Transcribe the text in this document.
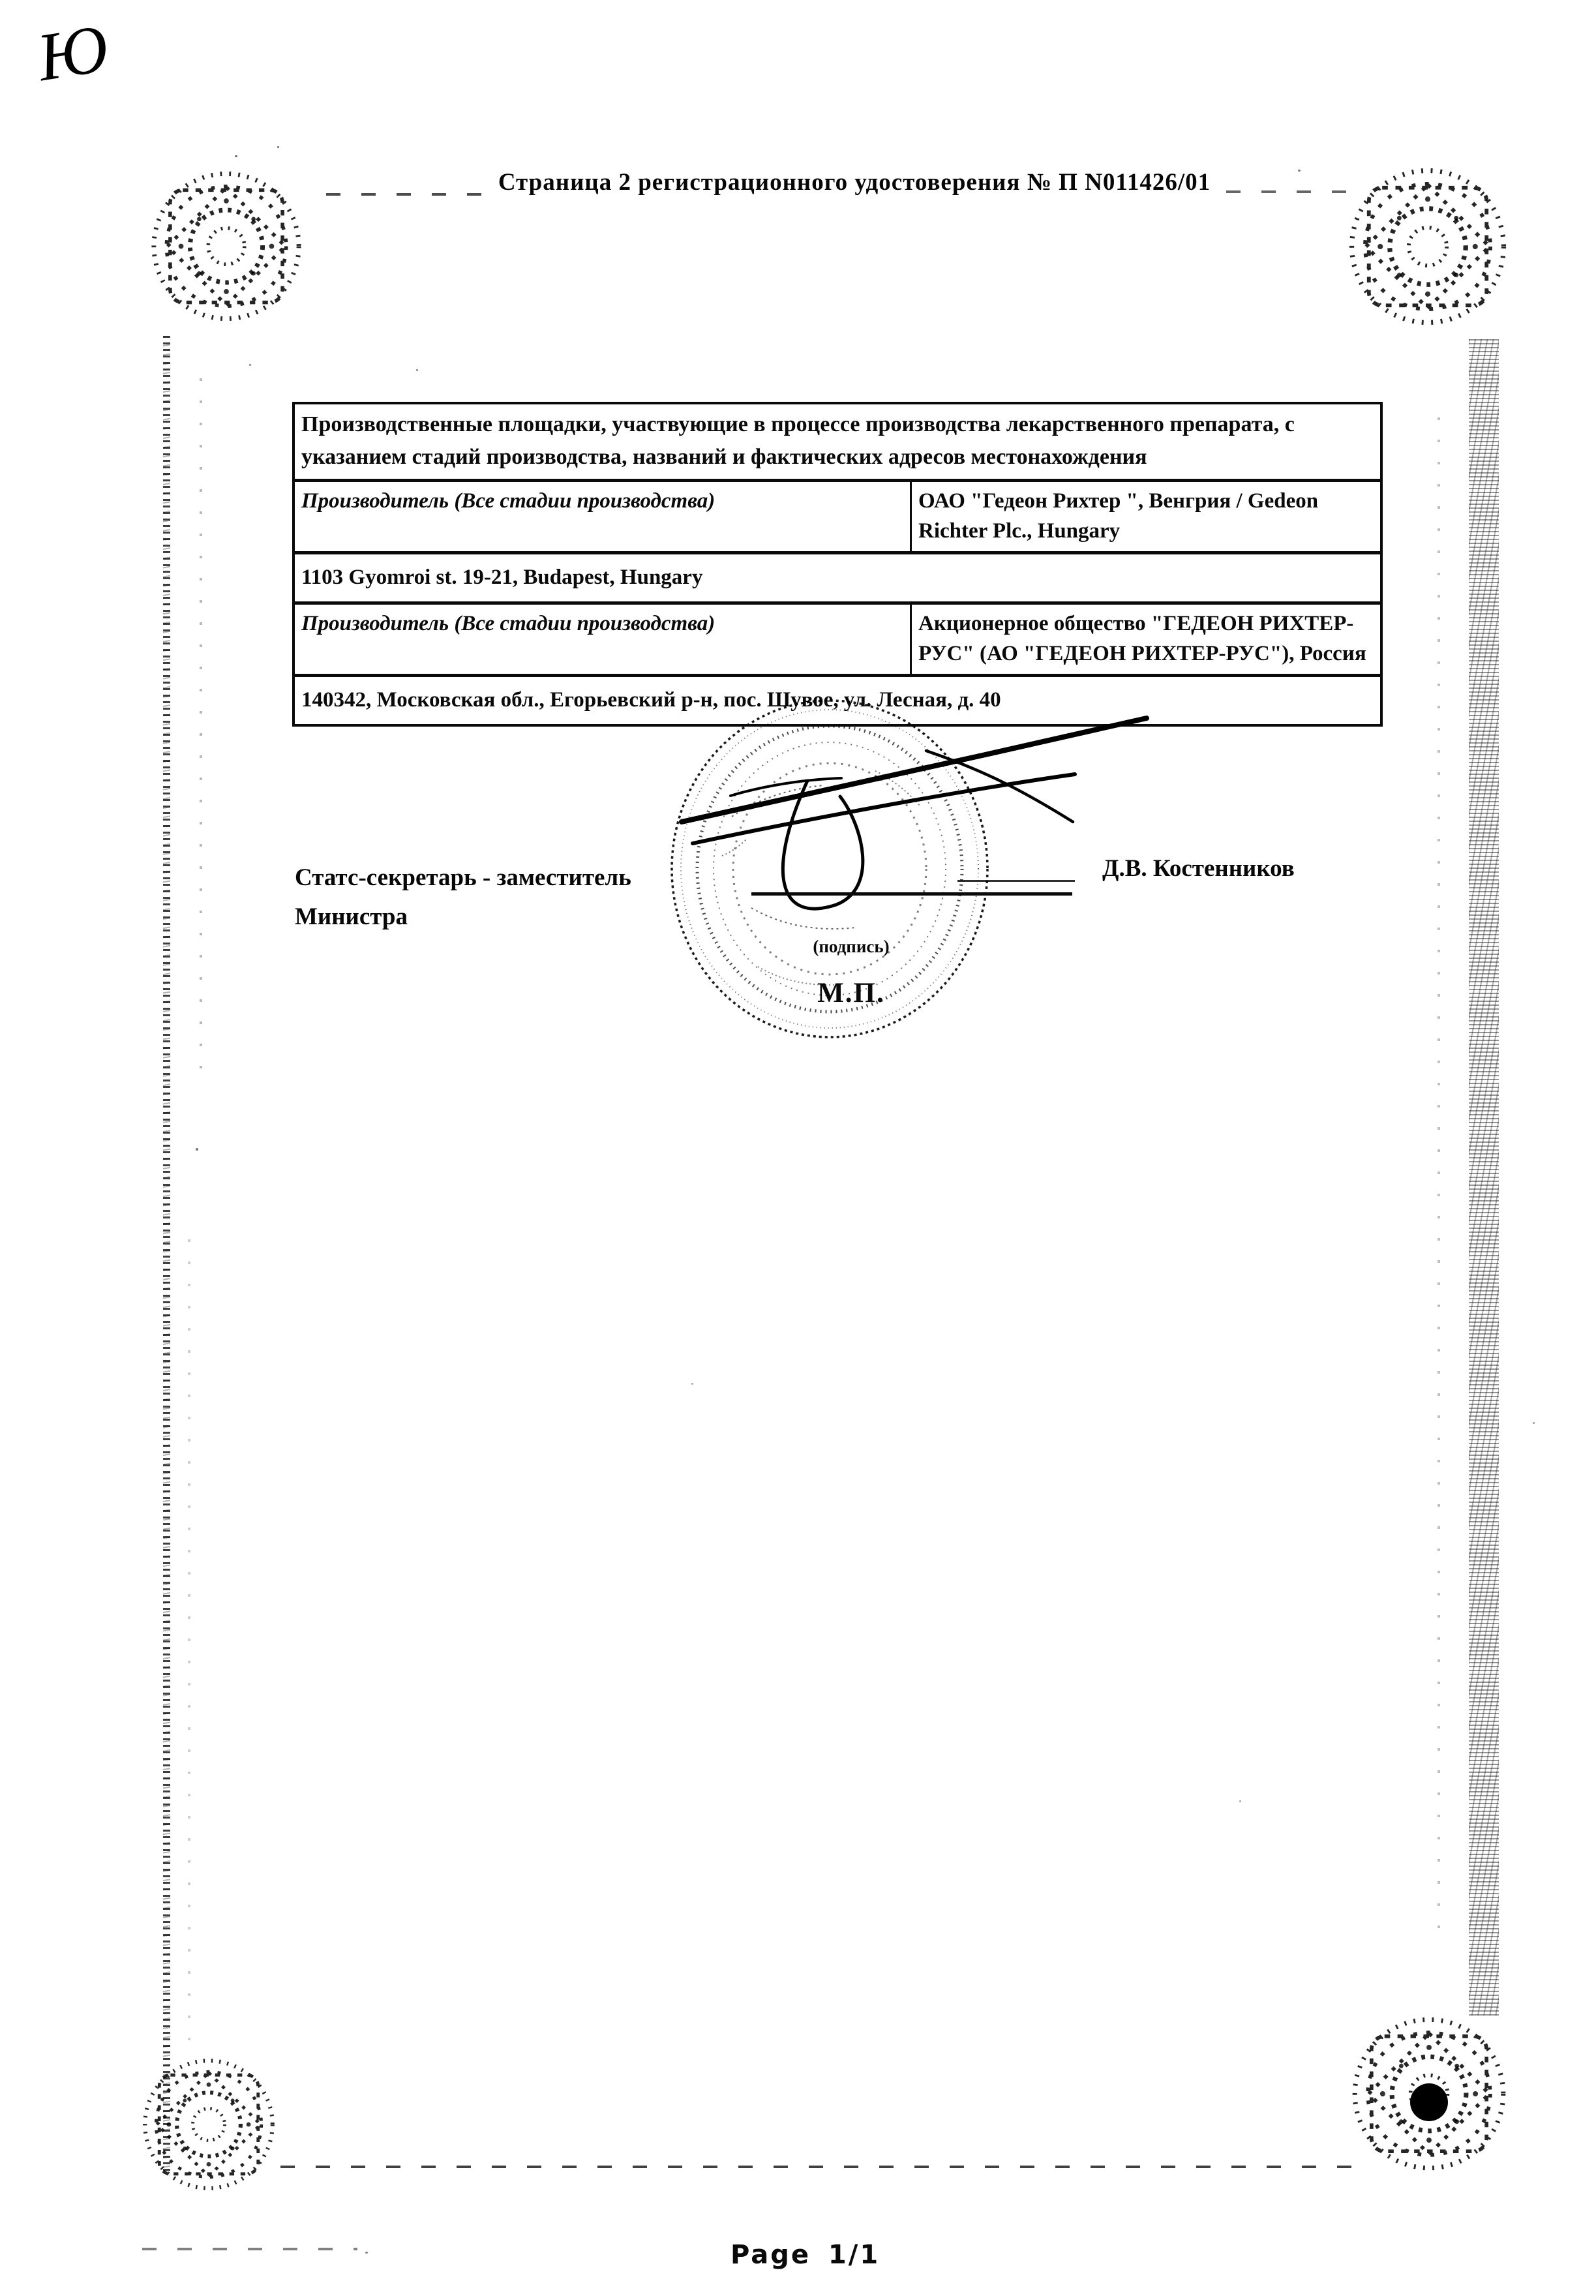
Ю
Страница 2 регистрационного удостоверения № П N011426/01
Производственные площадки, участвующие в процессе производства лекарственного препарата, с указанием стадий производства, названий и фактических адресов местонахождения
Производитель (Все стадии производства)	ОАО "Гедеон Рихтер ", Венгрия / Gedeon Richter Plc., Hungary
1103 Gyomroi st. 19-21, Budapest, Hungary
Производитель (Все стадии производства)	Акционерное общество "ГЕДЕОН РИХТЕР-РУС" (АО "ГЕДЕОН РИХТЕР-РУС"), Россия
140342, Московская обл., Егорьевский р-н, пос. Шувое, ул. Лесная, д. 40
Статс-секретарь - заместитель
Министра
Д.В. Костенников
(подпись)
М.П.
Page 1/1
